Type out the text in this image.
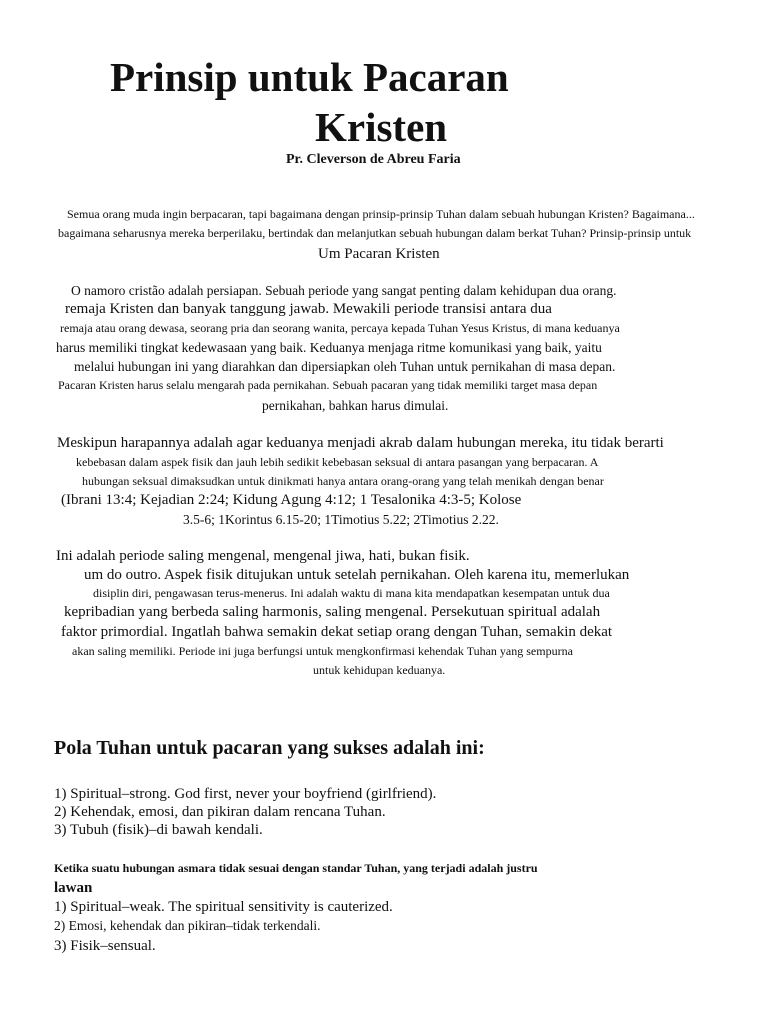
Prinsip untuk Pacaran
Kristen
Pr. Cleverson de Abreu Faria
Semua orang muda ingin berpacaran, tapi bagaimana dengan prinsip-prinsip Tuhan dalam sebuah hubungan Kristen? Bagaimana...
bagaimana seharusnya mereka berperilaku, bertindak dan melanjutkan sebuah hubungan dalam berkat Tuhan? Prinsip-prinsip untuk
Um Pacaran Kristen
O namoro cristão adalah persiapan. Sebuah periode yang sangat penting dalam kehidupan dua orang.
remaja Kristen dan banyak tanggung jawab. Mewakili periode transisi antara dua
remaja atau orang dewasa, seorang pria dan seorang wanita, percaya kepada Tuhan Yesus Kristus, di mana keduanya
harus memiliki tingkat kedewasaan yang baik. Keduanya menjaga ritme komunikasi yang baik, yaitu
melalui hubungan ini yang diarahkan dan dipersiapkan oleh Tuhan untuk pernikahan di masa depan.
Pacaran Kristen harus selalu mengarah pada pernikahan. Sebuah pacaran yang tidak memiliki target masa depan
pernikahan, bahkan harus dimulai.
Meskipun harapannya adalah agar keduanya menjadi akrab dalam hubungan mereka, itu tidak berarti
kebebasan dalam aspek fisik dan jauh lebih sedikit kebebasan seksual di antara pasangan yang berpacaran. A
hubungan seksual dimaksudkan untuk dinikmati hanya antara orang-orang yang telah menikah dengan benar
(Ibrani 13:4; Kejadian 2:24; Kidung Agung 4:12; 1 Tesalonika 4:3-5; Kolose
3.5-6; 1Korintus 6.15-20; 1Timotius 5.22; 2Timotius 2.22.
Ini adalah periode saling mengenal, mengenal jiwa, hati, bukan fisik.
um do outro. Aspek fisik ditujukan untuk setelah pernikahan. Oleh karena itu, memerlukan
disiplin diri, pengawasan terus-menerus. Ini adalah waktu di mana kita mendapatkan kesempatan untuk dua
kepribadian yang berbeda saling harmonis, saling mengenal. Persekutuan spiritual adalah
faktor primordial. Ingatlah bahwa semakin dekat setiap orang dengan Tuhan, semakin dekat
akan saling memiliki. Periode ini juga berfungsi untuk mengkonfirmasi kehendak Tuhan yang sempurna
untuk kehidupan keduanya.
Pola Tuhan untuk pacaran yang sukses adalah ini:
1) Spiritual–strong. God first, never your boyfriend (girlfriend).
2) Kehendak, emosi, dan pikiran dalam rencana Tuhan.
3) Tubuh (fisik)–di bawah kendali.
Ketika suatu hubungan asmara tidak sesuai dengan standar Tuhan, yang terjadi adalah justru
lawan
1) Spiritual–weak. The spiritual sensitivity is cauterized.
2) Emosi, kehendak dan pikiran–tidak terkendali.
3) Fisik–sensual.
